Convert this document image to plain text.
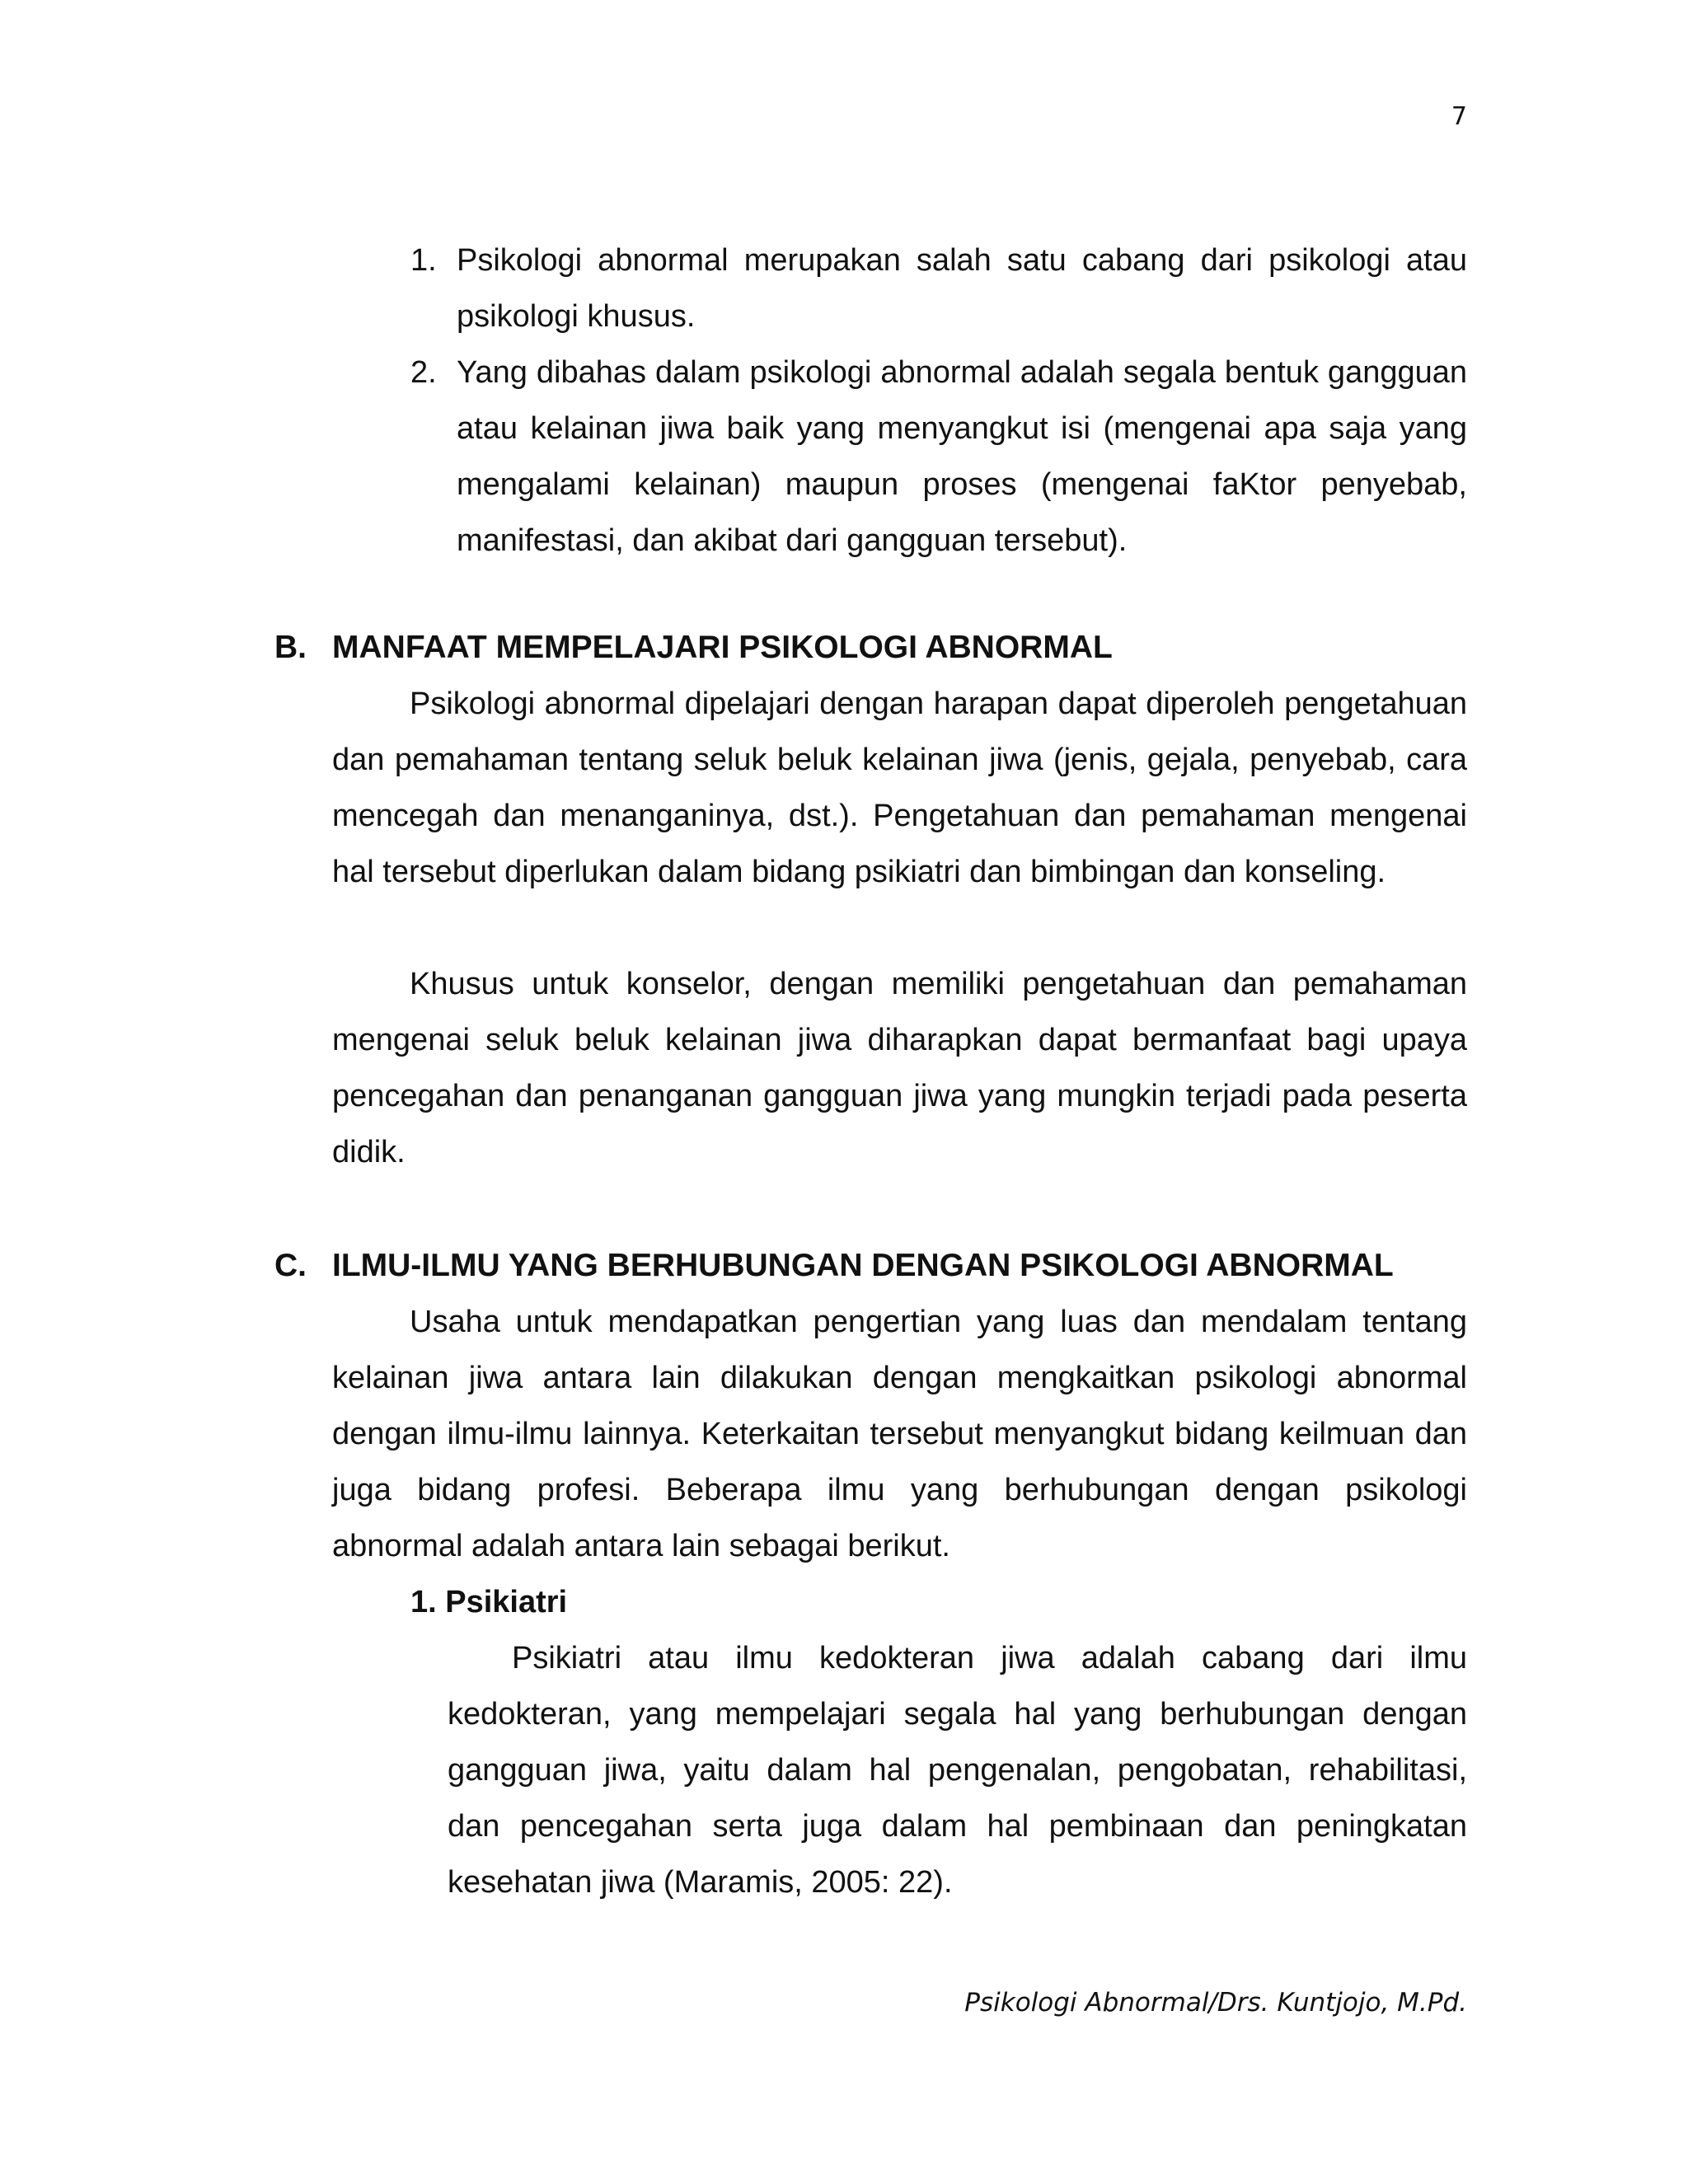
7
1. Psikologi abnormal merupakan salah satu cabang dari psikologi atau psikologi khusus.
2. Yang dibahas dalam psikologi abnormal adalah segala bentuk gangguan atau kelainan jiwa baik yang menyangkut isi (mengenai apa saja yang mengalami kelainan) maupun proses (mengenai faKtor penyebab, manifestasi, dan akibat dari gangguan tersebut).
B. MANFAAT MEMPELAJARI PSIKOLOGI ABNORMAL

Psikologi abnormal dipelajari dengan harapan dapat diperoleh pengetahuan dan pemahaman tentang seluk beluk kelainan jiwa (jenis, gejala, penyebab, cara mencegah dan menanganinya, dst.). Pengetahuan dan pemahaman mengenai hal tersebut diperlukan dalam bidang psikiatri dan bimbingan dan konseling.

Khusus untuk konselor, dengan memiliki pengetahuan dan pemahaman mengenai seluk beluk kelainan jiwa diharapkan dapat bermanfaat bagi upaya pencegahan dan penanganan gangguan jiwa yang mungkin terjadi pada peserta didik.

C. ILMU-ILMU YANG BERHUBUNGAN DENGAN PSIKOLOGI ABNORMAL

Usaha untuk mendapatkan pengertian yang luas dan mendalam tentang kelainan jiwa antara lain dilakukan dengan mengkaitkan psikologi abnormal dengan ilmu-ilmu lainnya. Keterkaitan tersebut menyangkut bidang keilmuan dan juga bidang profesi. Beberapa ilmu yang berhubungan dengan psikologi abnormal adalah antara lain sebagai berikut.

1. Psikiatri

Psikiatri atau ilmu kedokteran jiwa adalah cabang dari ilmu kedokteran, yang mempelajari segala hal yang berhubungan dengan gangguan jiwa, yaitu dalam hal pengenalan, pengobatan, rehabilitasi, dan pencegahan serta juga dalam hal pembinaan dan peningkatan kesehatan jiwa (Maramis, 2005: 22).

Psikologi Abnormal/Drs. Kuntjojo, M.Pd.
